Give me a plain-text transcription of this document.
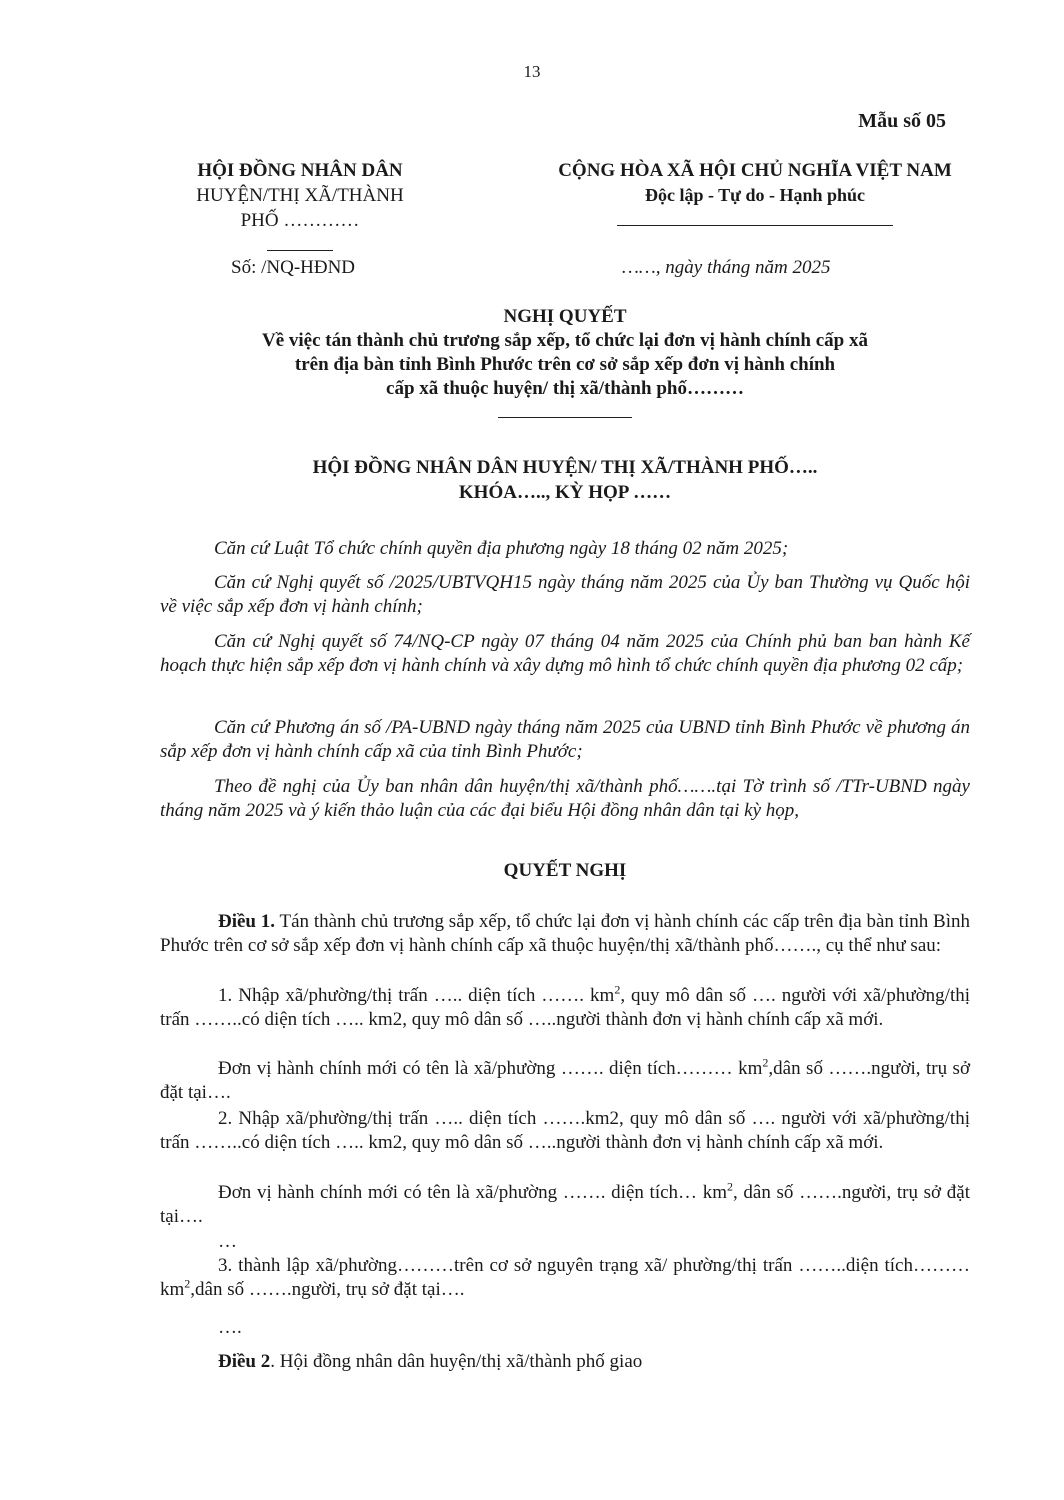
13
Mẫu số 05
HỘI ĐỒNG NHÂN DÂN
HUYỆN/THỊ XÃ/THÀNH
PHỐ …………
CỘNG HÒA XÃ HỘI CHỦ NGHĨA VIỆT NAM
Độc lập - Tự do - Hạnh phúc
Số: /NQ-HĐND	……, ngày tháng năm 2025
NGHỊ QUYẾT
Về việc tán thành chủ trương sắp xếp, tổ chức lại đơn vị hành chính cấp xã
trên địa bàn tỉnh Bình Phước trên cơ sở sắp xếp đơn vị hành chính
cấp xã thuộc huyện/ thị xã/thành phố………
HỘI ĐỒNG NHÂN DÂN HUYỆN/ THỊ XÃ/THÀNH PHỐ…..
KHÓA….., KỲ HỌP ……
Căn cứ Luật Tổ chức chính quyền địa phương ngày 18 tháng 02 năm 2025;
Căn cứ Nghị quyết số /2025/UBTVQH15 ngày tháng năm 2025 của Ủy ban Thường vụ Quốc hội về việc sắp xếp đơn vị hành chính;
Căn cứ Nghị quyết số 74/NQ-CP ngày 07 tháng 04 năm 2025 của Chính phủ ban ban hành Kế hoạch thực hiện sắp xếp đơn vị hành chính và xây dựng mô hình tổ chức chính quyền địa phương 02 cấp;
Căn cứ Phương án số /PA-UBND ngày tháng năm 2025 của UBND tỉnh Bình Phước về phương án sắp xếp đơn vị hành chính cấp xã của tỉnh Bình Phước;
Theo đề nghị của Ủy ban nhân dân huyện/thị xã/thành phố…….tại Tờ trình số /TTr-UBND ngày tháng năm 2025 và ý kiến thảo luận của các đại biểu Hội đồng nhân dân tại kỳ họp,
QUYẾT NGHỊ
Điều 1. Tán thành chủ trương sắp xếp, tổ chức lại đơn vị hành chính các cấp trên địa bàn tỉnh Bình Phước trên cơ sở sắp xếp đơn vị hành chính cấp xã thuộc huyện/thị xã/thành phố……., cụ thể như sau:
1. Nhập xã/phường/thị trấn ….. diện tích ……. $km^2$, quy mô dân số …. người với xã/phường/thị trấn ……..có diện tích ….. km2, quy mô dân số …..người thành đơn vị hành chính cấp xã mới.
Đơn vị hành chính mới có tên là xã/phường ……. diện tích……… $km^2,dân$ số …….người, trụ sở đặt tại….
2. Nhập xã/phường/thị trấn ….. diện tích …….km2, quy mô dân số …. người với xã/phường/thị trấn ……..có diện tích ….. km2, quy mô dân số …..người thành đơn vị hành chính cấp xã mới.
Đơn vị hành chính mới có tên là xã/phường ……. diện tích… $km^2$, dân số …….người, trụ sở đặt tại….
…
3. thành lập xã/phường………trên cơ sở nguyên trạng xã/ phường/thị trấn ……..diện tích……… $km^2,dân$ số …….người, trụ sở đặt tại….
….
Điều 2. Hội đồng nhân dân huyện/thị xã/thành phố giao
